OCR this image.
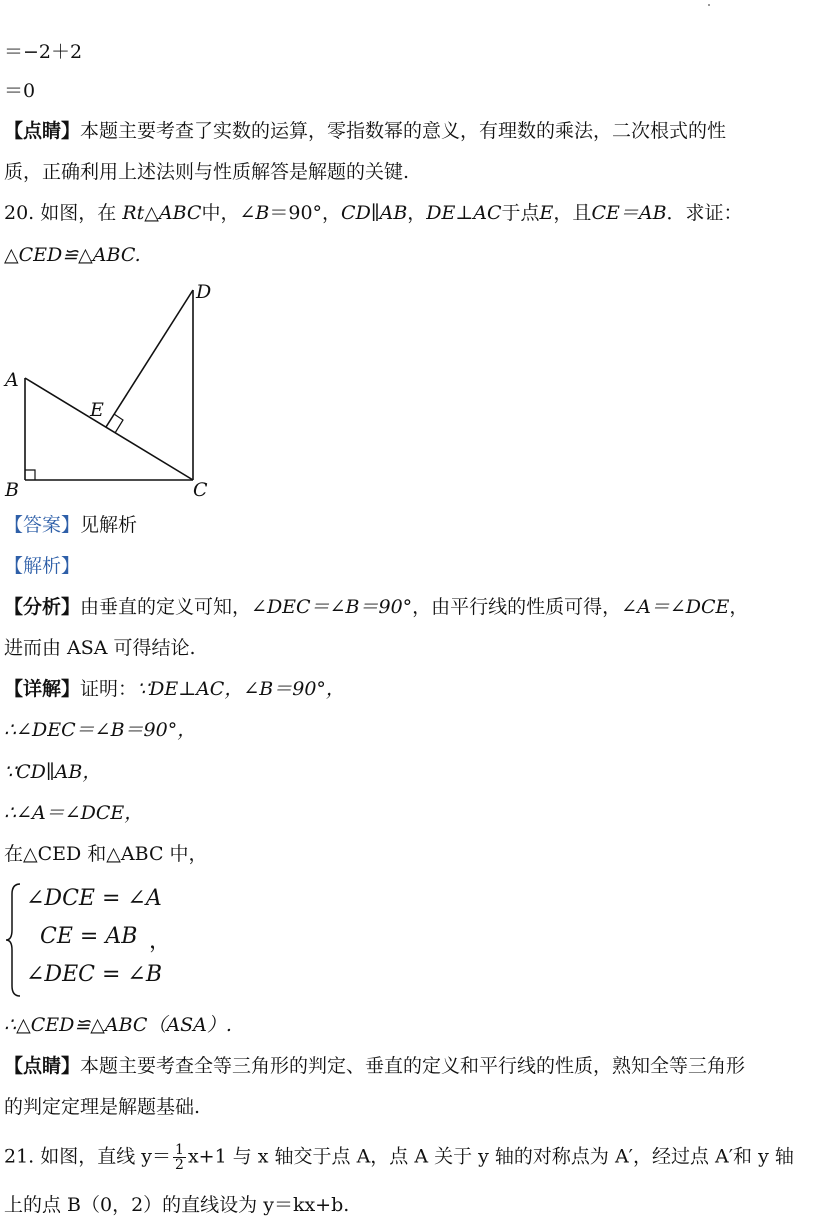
＝−2＋2
＝0
【点睛】本题主要考查了实数的运算，零指数幂的意义，有理数的乘法，二次根式的性
质，正确利用上述法则与性质解答是解题的关键.
20. 如图，在 Rt△ABC中，∠B＝90°，CD∥AB，DE⊥AC于点E，且CE＝AB．求证：
△CED≌△ABC.
A
B	C
D
E
【答案】见解析
【解析】
【分析】由垂直的定义可知，∠DEC＝∠B＝90°，由平行线的性质可得，∠A＝∠DCE，
进而由 ASA 可得结论.
【详解】证明：∵DE⊥AC，∠B＝90°，
∴∠DEC＝∠B＝90°，
∵CD∥AB，
∴∠A＝∠DCE，
在△CED 和△ABC 中，
∠DCE = ∠A
CE = AB ，
∠DEC = ∠B
∴△CED≌△ABC（ASA）.
【点睛】本题主要考查全等三角形的判定、垂直的定义和平行线的性质，熟知全等三角形
的判定定理是解题基础.
21. 如图，直线 $y= \frac{1}{2} x+1$ 与 x 轴交于点 A，点 A 关于 y 轴的对称点为 A′，经过点 A′和 y 轴
上的点 B（0，2）的直线设为 y＝kx+b.
